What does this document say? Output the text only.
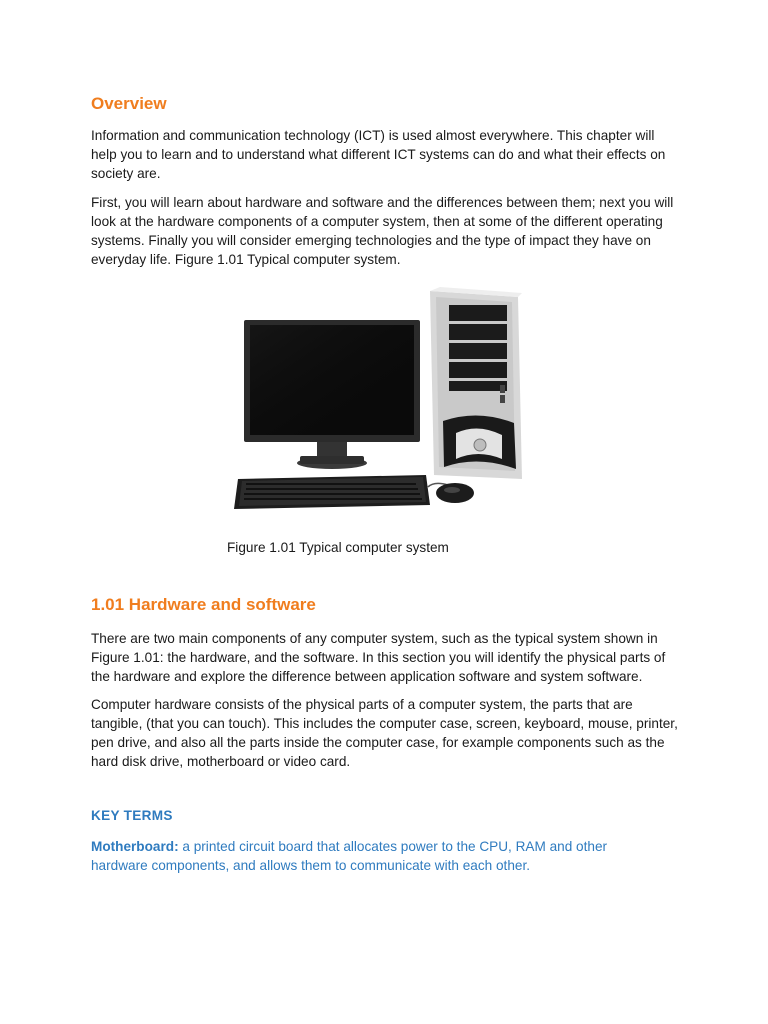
Overview

Information and communication technology (ICT) is used almost everywhere. This chapter will help you to learn and to understand what different ICT systems can do and what their effects on society are.

First, you will learn about hardware and software and the differences between them; next you will look at the hardware components of a computer system, then at some of the different operating systems. Finally you will consider emerging technologies and the type of impact they have on everyday life. Figure 1.01 Typical computer system.

Figure 1.01 Typical computer system
1.01 Hardware and software

There are two main components of any computer system, such as the typical system shown in Figure 1.01: the hardware, and the software. In this section you will identify the physical parts of the hardware and explore the difference between application software and system software.

Computer hardware consists of the physical parts of a computer system, the parts that are tangible, (that you can touch). This includes the computer case, screen, keyboard, mouse, printer, pen drive, and also all the parts inside the computer case, for example components such as the hard disk drive, motherboard or video card.

KEY TERMS

Motherboard: a printed circuit board that allocates power to the CPU, RAM and other hardware components, and allows them to communicate with each other.
